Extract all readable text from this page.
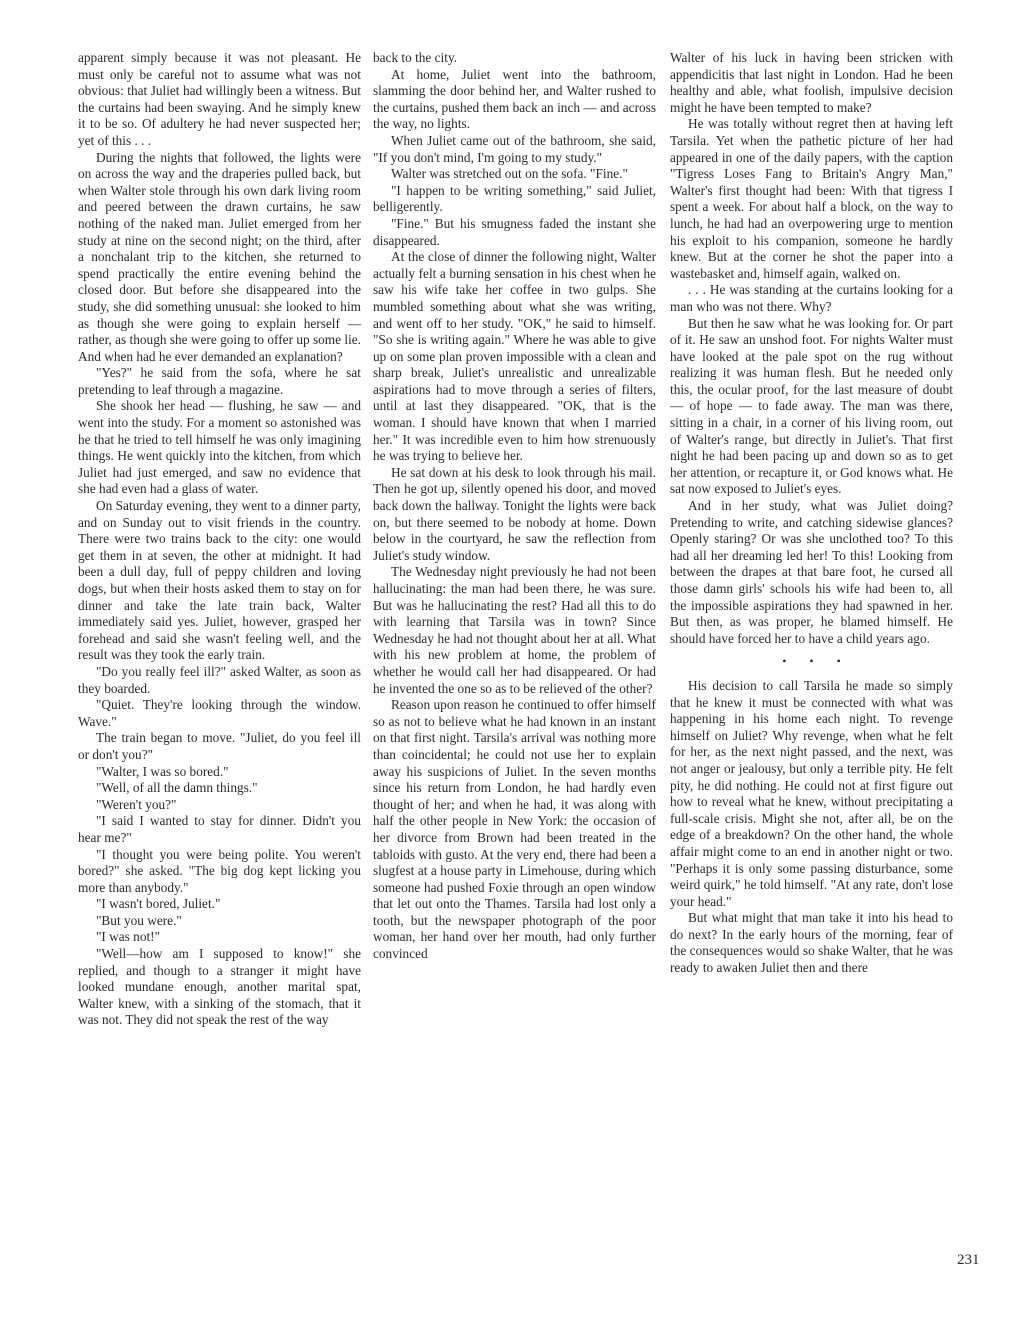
apparent simply because it was not pleasant. He must only be careful not to assume what was not obvious: that Juliet had willingly been a witness. But the curtains had been swaying. And he simply knew it to be so. Of adultery he had never suspected her; yet of this . . .

During the nights that followed, the lights were on across the way and the draperies pulled back, but when Walter stole through his own dark living room and peered between the drawn curtains, he saw nothing of the naked man. Juliet emerged from her study at nine on the second night; on the third, after a nonchalant trip to the kitchen, she returned to spend practically the entire evening behind the closed door. But before she disappeared into the study, she did something unusual: she looked to him as though she were going to explain herself — rather, as though she were going to offer up some lie. And when had he ever demanded an explanation?

"Yes?" he said from the sofa, where he sat pretending to leaf through a magazine.

She shook her head — flushing, he saw — and went into the study. For a moment so astonished was he that he tried to tell himself he was only imagining things. He went quickly into the kitchen, from which Juliet had just emerged, and saw no evidence that she had even had a glass of water.

On Saturday evening, they went to a dinner party, and on Sunday out to visit friends in the country. There were two trains back to the city: one would get them in at seven, the other at midnight. It had been a dull day, full of peppy children and loving dogs, but when their hosts asked them to stay on for dinner and take the late train back, Walter immediately said yes. Juliet, however, grasped her forehead and said she wasn't feeling well, and the result was they took the early train.

"Do you really feel ill?" asked Walter, as soon as they boarded.

"Quiet. They're looking through the window. Wave."

The train began to move. "Juliet, do you feel ill or don't you?"

"Walter, I was so bored."

"Well, of all the damn things."

"Weren't you?"

"I said I wanted to stay for dinner. Didn't you hear me?"

"I thought you were being polite. You weren't bored?" she asked. "The big dog kept licking you more than anybody."

"I wasn't bored, Juliet."

"But you were."

"I was not!"

"Well—how am I supposed to know!" she replied, and though to a stranger it might have looked mundane enough, another marital spat, Walter knew, with a sinking of the stomach, that it was not. They did not speak the rest of the way

back to the city.

At home, Juliet went into the bathroom, slamming the door behind her, and Walter rushed to the curtains, pushed them back an inch — and across the way, no lights.

When Juliet came out of the bathroom, she said, "If you don't mind, I'm going to my study."

Walter was stretched out on the sofa. "Fine."

"I happen to be writing something," said Juliet, belligerently.

"Fine." But his smugness faded the instant she disappeared.

At the close of dinner the following night, Walter actually felt a burning sensation in his chest when he saw his wife take her coffee in two gulps. She mumbled something about what she was writing, and went off to her study. "OK," he said to himself. "So she is writing again." Where he was able to give up on some plan proven impossible with a clean and sharp break, Juliet's unrealistic and unrealizable aspirations had to move through a series of filters, until at last they disappeared. "OK, that is the woman. I should have known that when I married her." It was incredible even to him how strenuously he was trying to believe her.

He sat down at his desk to look through his mail. Then he got up, silently opened his door, and moved back down the hallway. Tonight the lights were back on, but there seemed to be nobody at home. Down below in the courtyard, he saw the reflection from Juliet's study window.

The Wednesday night previously he had not been hallucinating: the man had been there, he was sure. But was he hallucinating the rest? Had all this to do with learning that Tarsila was in town? Since Wednesday he had not thought about her at all. What with his new problem at home, the problem of whether he would call her had disappeared. Or had he invented the one so as to be relieved of the other?

Reason upon reason he continued to offer himself so as not to believe what he had known in an instant on that first night. Tarsila's arrival was nothing more than coincidental; he could not use her to explain away his suspicions of Juliet. In the seven months since his return from London, he had hardly even thought of her; and when he had, it was along with half the other people in New York: the occasion of her divorce from Brown had been treated in the tabloids with gusto. At the very end, there had been a slugfest at a house party in Limehouse, during which someone had pushed Foxie through an open window that let out onto the Thames. Tarsila had lost only a tooth, but the newspaper photograph of the poor woman, her hand over her mouth, had only further convinced

Walter of his luck in having been stricken with appendicitis that last night in London. Had he been healthy and able, what foolish, impulsive decision might he have been tempted to make?

He was totally without regret then at having left Tarsila. Yet when the pathetic picture of her had appeared in one of the daily papers, with the caption "Tigress Loses Fang to Britain's Angry Man," Walter's first thought had been: With that tigress I spent a week. For about half a block, on the way to lunch, he had had an overpowering urge to mention his exploit to his companion, someone he hardly knew. But at the corner he shot the paper into a wastebasket and, himself again, walked on.

. . . He was standing at the curtains looking for a man who was not there. Why?

But then he saw what he was looking for. Or part of it. He saw an unshod foot. For nights Walter must have looked at the pale spot on the rug without realizing it was human flesh. But he needed only this, the ocular proof, for the last measure of doubt — of hope — to fade away. The man was there, sitting in a chair, in a corner of his living room, out of Walter's range, but directly in Juliet's. That first night he had been pacing up and down so as to get her attention, or recapture it, or God knows what. He sat now exposed to Juliet's eyes.

And in her study, what was Juliet doing? Pretending to write, and catching sidewise glances? Openly staring? Or was she unclothed too? To this had all her dreaming led her! To this! Looking from between the drapes at that bare foot, he cursed all those damn girls' schools his wife had been to, all the impossible aspirations they had spawned in her. But then, as was proper, he blamed himself. He should have forced her to have a child years ago.

• • •

His decision to call Tarsila he made so simply that he knew it must be connected with what was happening in his home each night. To revenge himself on Juliet? Why revenge, when what he felt for her, as the next night passed, and the next, was not anger or jealousy, but only a terrible pity. He felt pity, he did nothing. He could not at first figure out how to reveal what he knew, without precipitating a full-scale crisis. Might she not, after all, be on the edge of a breakdown? On the other hand, the whole affair might come to an end in another night or two. "Perhaps it is only some passing disturbance, some weird quirk," he told himself. "At any rate, don't lose your head."

But what might that man take it into his head to do next? In the early hours of the morning, fear of the consequences would so shake Walter, that he was ready to awaken Juliet then and there

231
